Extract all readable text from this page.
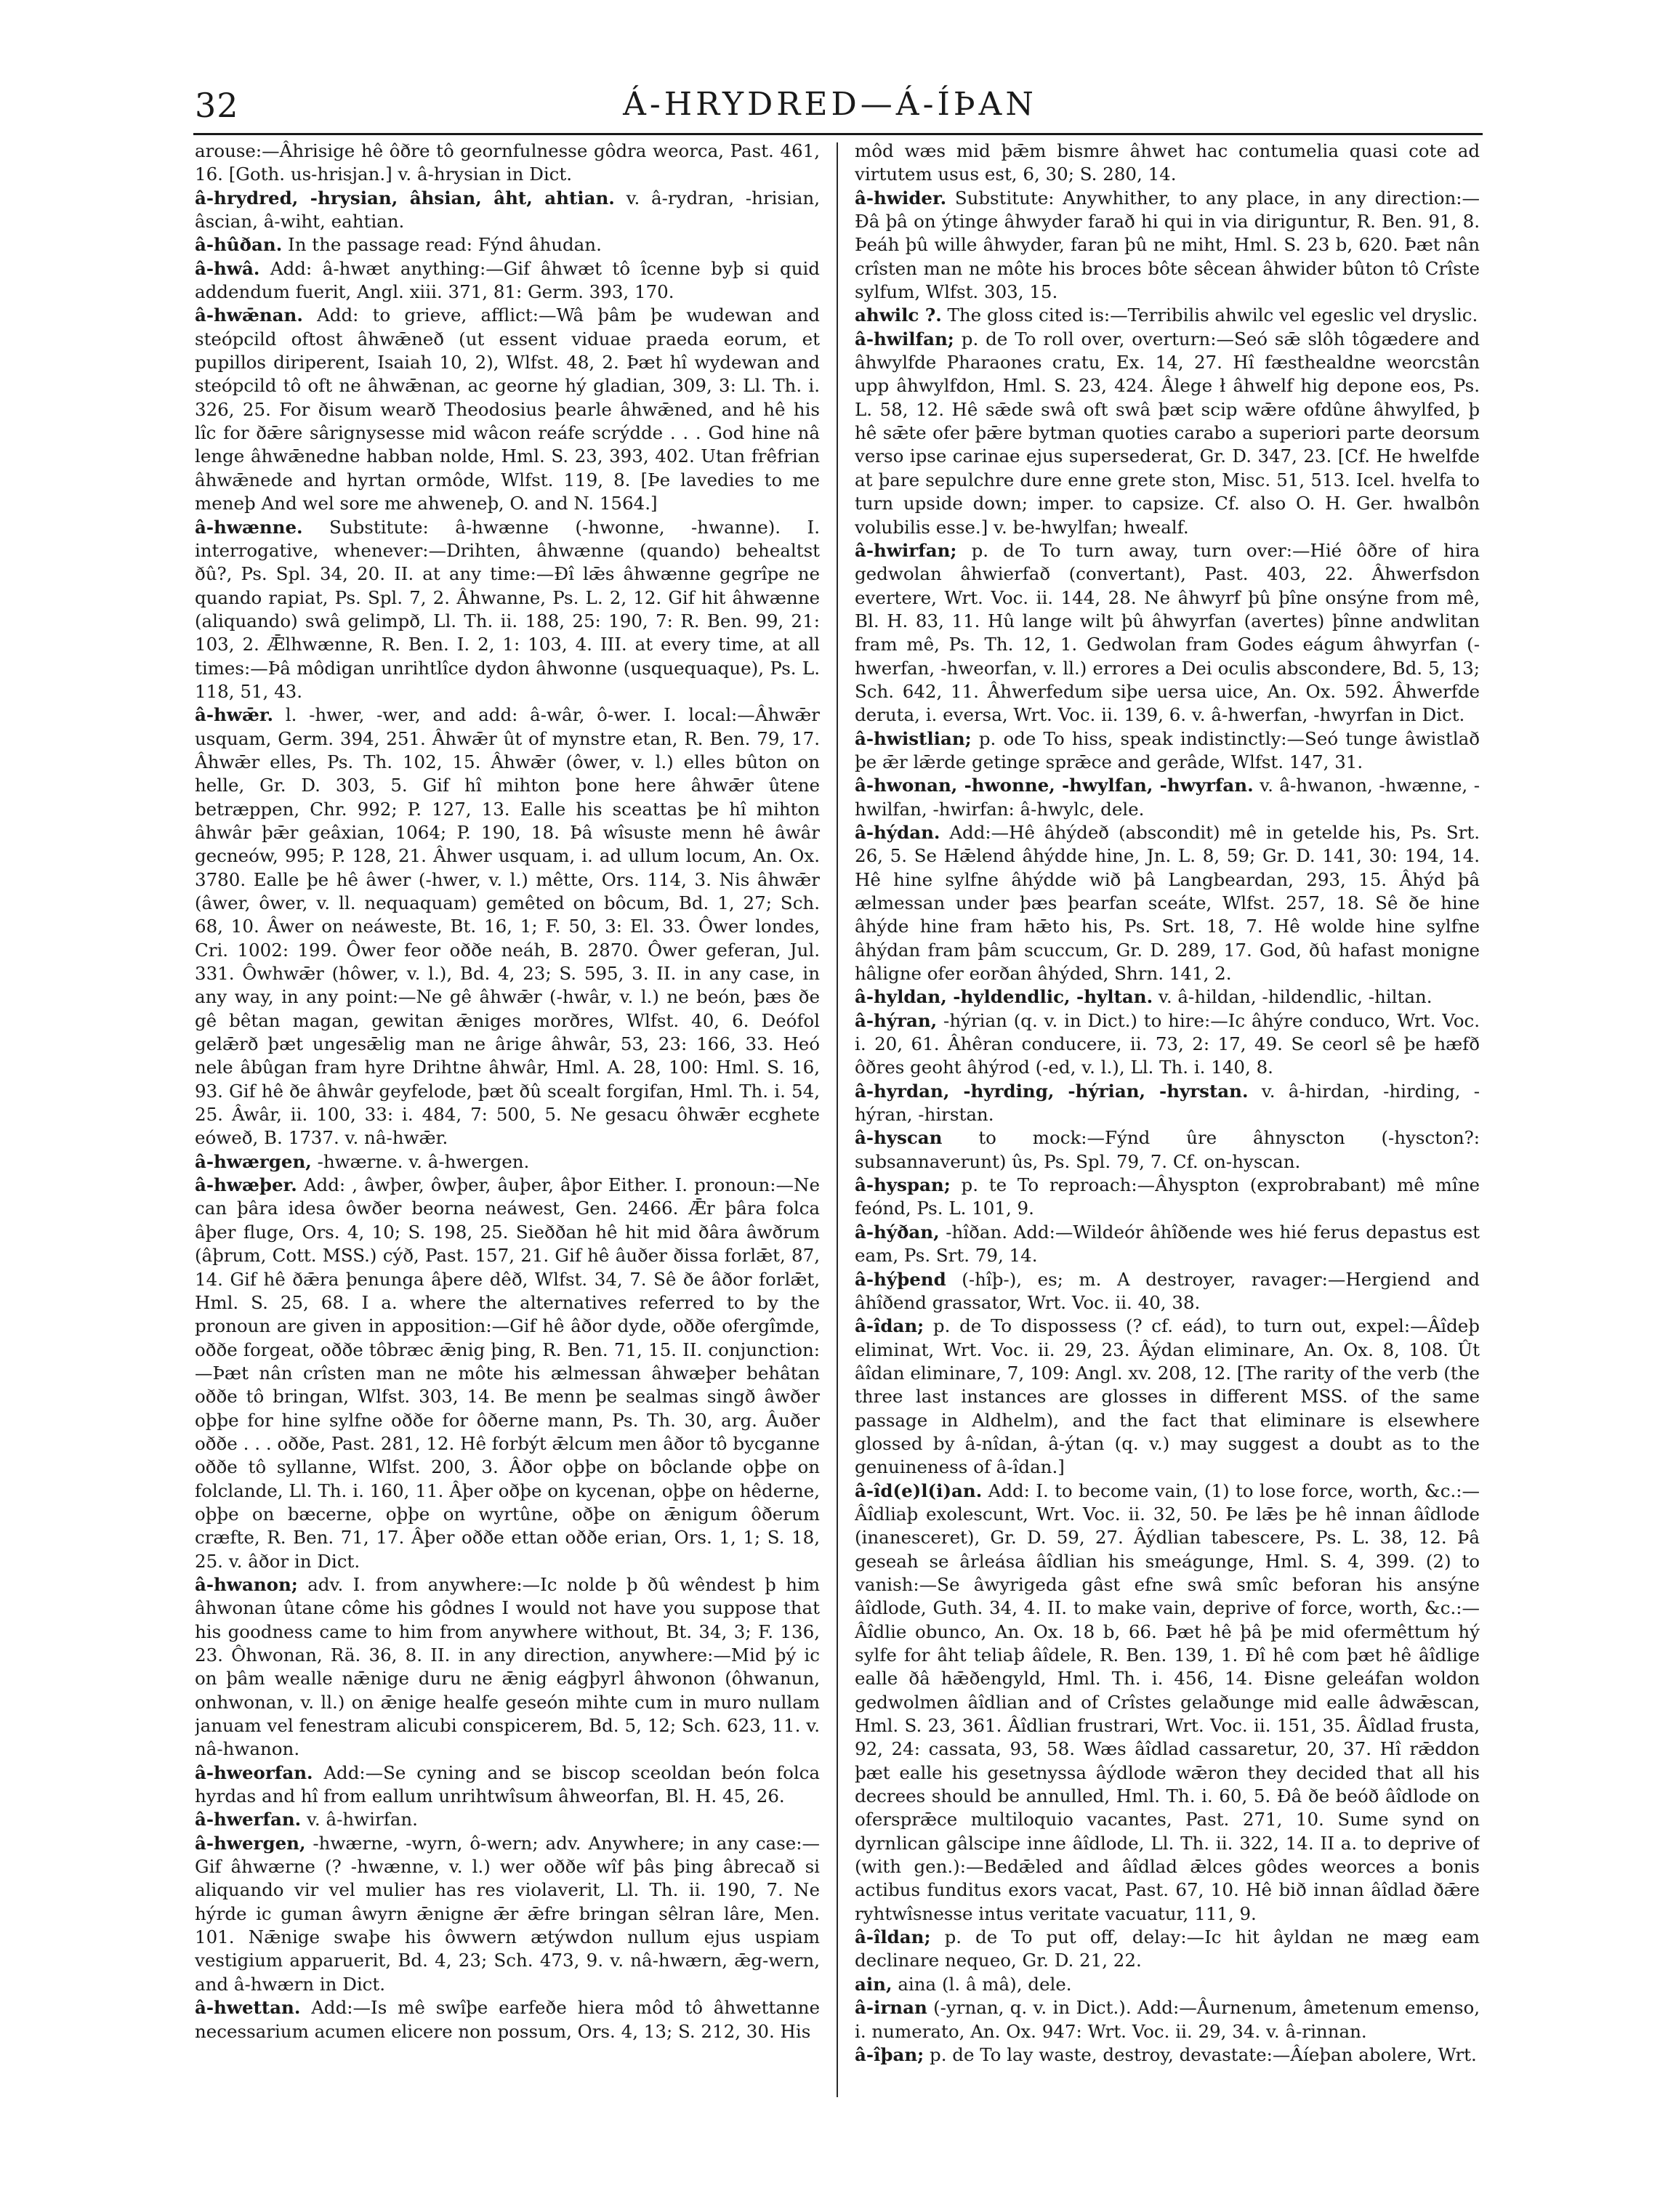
32	Á-HRYDRED—Á-ÍÞAN

arouse:—Âhrisige hê ôðre tô geornfulnesse gôdra weorca, Past. 461, 16. [Goth. us-hrisjan.] v. â-hrysian in Dict.

â-hrydred, -hrysian, âhsian, âht, ahtian. v. â-rydran, -hrisian, âscian, â-wiht, eahtian.

â-hûðan. In the passage read: Fýnd âhudan.

â-hwâ. Add: â-hwæt anything:—Gif âhwæt tô îcenne byþ si quid addendum fuerit, Angl. xiii. 371, 81: Germ. 393, 170.

â-hwǣnan. Add: to grieve, afflict:—Wâ þâm þe wudewan and steópcild oftost âhwǣneð (ut essent viduae praeda eorum, et pupillos diriperent, Isaiah 10, 2), Wlfst. 48, 2. Þæt hî wydewan and steópcild tô oft ne âhwǣnan, ac georne hý gladian, 309, 3: Ll. Th. i. 326, 25. For ðisum wearð Theodosius þearle âhwǣned, and hê his lîc for ðǣre sârignysesse mid wâcon reáfe scrýdde . . . God hine nâ lenge âhwǣnedne habban nolde, Hml. S. 23, 393, 402. Utan frêfrian âhwǣnede and hyrtan ormôde, Wlfst. 119, 8. [Þe lavedies to me meneþ And wel sore me ahweneþ, O. and N. 1564.]

â-hwænne. Substitute: â-hwænne (-hwonne, -hwanne). I. interrogative, whenever:—Drihten, âhwænne (quando) behealtst ðû?, Ps. Spl. 34, 20. II. at any time:—Ðî lǣs âhwænne gegrîpe ne quando rapiat, Ps. Spl. 7, 2. Âhwanne, Ps. L. 2, 12. Gif hit âhwænne (aliquando) swâ gelimpð, Ll. Th. ii. 188, 25: 190, 7: R. Ben. 99, 21: 103, 2. Ǣlhwænne, R. Ben. I. 2, 1: 103, 4. III. at every time, at all times:—Þâ môdigan unrihtlîce dydon âhwonne (usquequaque), Ps. L. 118, 51, 43.

â-hwǣr. l. -hwer, -wer, and add: â-wâr, ô-wer. I. local:—Âhwǣr usquam, Germ. 394, 251. Âhwǣr ût of mynstre etan, R. Ben. 79, 17. Âhwǣr elles, Ps. Th. 102, 15. Âhwǣr (ôwer, v. l.) elles bûton on helle, Gr. D. 303, 5. Gif hî mihton þone here âhwǣr ûtene betræppen, Chr. 992; P. 127, 13. Ealle his sceattas þe hî mihton âhwâr þǣr geâxian, 1064; P. 190, 18. Þâ wîsuste menn hê âwâr gecneów, 995; P. 128, 21. Âhwer usquam, i. ad ullum locum, An. Ox. 3780. Ealle þe hê âwer (-hwer, v. l.) mêtte, Ors. 114, 3. Nis âhwǣr (âwer, ôwer, v. ll. nequaquam) gemêted on bôcum, Bd. 1, 27; Sch. 68, 10. Âwer on neáweste, Bt. 16, 1; F. 50, 3: El. 33. Ôwer londes, Cri. 1002: 199. Ôwer feor oððe neáh, B. 2870. Ôwer geferan, Jul. 331. Ôwhwǣr (hôwer, v. l.), Bd. 4, 23; S. 595, 3. II. in any case, in any way, in any point:—Ne gê âhwǣr (-hwâr, v. l.) ne beón, þæs ðe gê bêtan magan, gewitan ǣniges morðres, Wlfst. 40, 6. Deófol gelǣrð þæt ungesǣlig man ne ârige âhwâr, 53, 23: 166, 33. Heó nele âbûgan fram hyre Drihtne âhwâr, Hml. A. 28, 100: Hml. S. 16, 93. Gif hê ðe âhwâr geyfelode, þæt ðû scealt forgifan, Hml. Th. i. 54, 25. Âwâr, ii. 100, 33: i. 484, 7: 500, 5. Ne gesacu ôhwǣr ecghete eóweð, B. 1737. v. nâ-hwǣr.

â-hwærgen, -hwærne. v. â-hwergen.

â-hwæþer. Add: , âwþer, ôwþer, âuþer, âþor Either. I. pronoun:—Ne can þâra idesa ôwðer beorna neáwest, Gen. 2466. Ǣr þâra folca âþer fluge, Ors. 4, 10; S. 198, 25. Sieððan hê hit mid ðâra âwðrum (âþrum, Cott. MSS.) cýð, Past. 157, 21. Gif hê âuðer ðissa forlǣt, 87, 14. Gif hê ðǣra þenunga âþere dêð, Wlfst. 34, 7. Sê ðe âðor forlǣt, Hml. S. 25, 68. I a. where the alternatives referred to by the pronoun are given in apposition:—Gif hê âðor dyde, oððe ofergîmde, oððe forgeat, oððe tôbræc ǣnig þing, R. Ben. 71, 15. II. conjunction:—Þæt nân crîsten man ne môte his ælmessan âhwæþer behâtan oððe tô bringan, Wlfst. 303, 14. Be menn þe sealmas singð âwðer oþþe for hine sylfne oððe for ôðerne mann, Ps. Th. 30, arg. Âuðer oððe . . . oððe, Past. 281, 12. Hê forbýt ǣlcum men âðor tô bycganne oððe tô syllanne, Wlfst. 200, 3. Âðor oþþe on bôclande oþþe on folclande, Ll. Th. i. 160, 11. Âþer oðþe on kycenan, oþþe on hêderne, oþþe on bæcerne, oþþe on wyrtûne, oðþe on ǣnigum ôðerum cræfte, R. Ben. 71, 17. Âþer oððe ettan oððe erian, Ors. 1, 1; S. 18, 25. v. âðor in Dict.

â-hwanon; adv. I. from anywhere:—Ic nolde þ ðû wêndest þ him âhwonan ûtane côme his gôdnes I would not have you suppose that his goodness came to him from anywhere without, Bt. 34, 3; F. 136, 23. Ôhwonan, Rä. 36, 8. II. in any direction, anywhere:—Mid þý ic on þâm wealle nǣnige duru ne ǣnig eágþyrl âhwonon (ôhwanun, onhwonan, v. ll.) on ǣnige healfe geseón mihte cum in muro nullam januam vel fenestram alicubi conspicerem, Bd. 5, 12; Sch. 623, 11. v. nâ-hwanon.

â-hweorfan. Add:—Se cyning and se biscop sceoldan beón folca hyrdas and hî from eallum unrihtwîsum âhweorfan, Bl. H. 45, 26.

â-hwerfan. v. â-hwirfan.

â-hwergen, -hwærne, -wyrn, ô-wern; adv. Anywhere; in any case:—Gif âhwærne (? -hwænne, v. l.) wer oððe wîf þâs þing âbrecað si aliquando vir vel mulier has res violaverit, Ll. Th. ii. 190, 7. Ne hýrde ic guman âwyrn ǣnigne ǣr ǣfre bringan sêlran lâre, Men. 101. Nǣnige swaþe his ôwwern ætýwdon nullum ejus uspiam vestigium apparuerit, Bd. 4, 23; Sch. 473, 9. v. nâ-hwærn, ǣg-wern, and â-hwærn in Dict.

â-hwettan. Add:—Is mê swîþe earfeðe hiera môd tô âhwettanne necessarium acumen elicere non possum, Ors. 4, 13; S. 212, 30. His

môd wæs mid þǣm bismre âhwet hac contumelia quasi cote ad virtutem usus est, 6, 30; S. 280, 14.

â-hwider. Substitute: Anywhither, to any place, in any direction:—Ðâ þâ on ýtinge âhwyder farað hi qui in via diriguntur, R. Ben. 91, 8. Þeáh þû wille âhwyder, faran þû ne miht, Hml. S. 23 b, 620. Þæt nân crîsten man ne môte his broces bôte sêcean âhwider bûton tô Crîste sylfum, Wlfst. 303, 15.

ahwilc ?. The gloss cited is:—Terribilis ahwilc vel egeslic vel dryslic.

â-hwilfan; p. de To roll over, overturn:—Seó sǣ slôh tôgædere and âhwylfde Pharaones cratu, Ex. 14, 27. Hî fæsthealdne weorcstân upp âhwylfdon, Hml. S. 23, 424. Âlege ł âhwelf hig depone eos, Ps. L. 58, 12. Hê sǣde swâ oft swâ þæt scip wǣre ofdûne âhwylfed, þ hê sǣte ofer þǣre bytman quoties carabo a superiori parte deorsum verso ipse carinae ejus supersederat, Gr. D. 347, 23. [Cf. He hwelfde at þare sepulchre dure enne grete ston, Misc. 51, 513. Icel. hvelfa to turn upside down; imper. to capsize. Cf. also O. H. Ger. hwalbôn volubilis esse.] v. be-hwylfan; hwealf.

â-hwirfan; p. de To turn away, turn over:—Hié ôðre of hira gedwolan âhwierfað (convertant), Past. 403, 22. Âhwerfsdon evertere, Wrt. Voc. ii. 144, 28. Ne âhwyrf þû þîne onsýne from mê, Bl. H. 83, 11. Hû lange wilt þû âhwyrfan (avertes) þînne andwlitan fram mê, Ps. Th. 12, 1. Gedwolan fram Godes eágum âhwyrfan (-hwerfan, -hweorfan, v. ll.) errores a Dei oculis abscondere, Bd. 5, 13; Sch. 642, 11. Âhwerfedum siþe uersa uice, An. Ox. 592. Âhwerfde deruta, i. eversa, Wrt. Voc. ii. 139, 6. v. â-hwerfan, -hwyrfan in Dict.

â-hwistlian; p. ode To hiss, speak indistinctly:—Seó tunge âwistlað þe ǣr lǣrde getinge sprǣce and gerâde, Wlfst. 147, 31.

â-hwonan, -hwonne, -hwylfan, -hwyrfan. v. â-hwanon, -hwænne, -hwilfan, -hwirfan: â-hwylc, dele.

â-hýdan. Add:—Hê âhýdeð (abscondit) mê in getelde his, Ps. Srt. 26, 5. Se Hǣlend âhýdde hine, Jn. L. 8, 59; Gr. D. 141, 30: 194, 14. Hê hine sylfne âhýdde wið þâ Langbeardan, 293, 15. Âhýd þâ ælmessan under þæs þearfan sceáte, Wlfst. 257, 18. Sê ðe hine âhýde hine fram hǣto his, Ps. Srt. 18, 7. Hê wolde hine sylfne âhýdan fram þâm scuccum, Gr. D. 289, 17. God, ðû hafast monigne hâligne ofer eorðan âhýded, Shrn. 141, 2.

â-hyldan, -hyldendlic, -hyltan. v. â-hildan, -hildendlic, -hiltan.

â-hýran, -hýrian (q. v. in Dict.) to hire:—Ic âhýre conduco, Wrt. Voc. i. 20, 61. Âhêran conducere, ii. 73, 2: 17, 49. Se ceorl sê þe hæfð ôðres geoht âhýrod (-ed, v. l.), Ll. Th. i. 140, 8.

â-hyrdan, -hyrding, -hýrian, -hyrstan. v. â-hirdan, -hirding, -hýran, -hirstan.

â-hyscan to mock:—Fýnd ûre âhnyscton (-hyscton?: subsannaverunt) ûs, Ps. Spl. 79, 7. Cf. on-hyscan.

â-hyspan; p. te To reproach:—Âhyspton (exprobrabant) mê mîne feónd, Ps. L. 101, 9.

â-hýðan, -hîðan. Add:—Wildeór âhîðende wes hié ferus depastus est eam, Ps. Srt. 79, 14.

â-hýþend (-hîþ-), es; m. A destroyer, ravager:—Hergiend and âhîðend grassator, Wrt. Voc. ii. 40, 38.

â-îdan; p. de To dispossess (? cf. eád), to turn out, expel:—Âîdeþ eliminat, Wrt. Voc. ii. 29, 23. Âýdan eliminare, An. Ox. 8, 108. Ût âîdan eliminare, 7, 109: Angl. xv. 208, 12. [The rarity of the verb (the three last instances are glosses in different MSS. of the same passage in Aldhelm), and the fact that eliminare is elsewhere glossed by â-nîdan, â-ýtan (q. v.) may suggest a doubt as to the genuineness of â-îdan.]

â-îd(e)l(i)an. Add: I. to become vain, (1) to lose force, worth, &c.:—Âîdliaþ exolescunt, Wrt. Voc. ii. 32, 50. Þe lǣs þe hê innan âîdlode (inanesceret), Gr. D. 59, 27. Âýdlian tabescere, Ps. L. 38, 12. Þâ geseah se ârleása âîdlian his smeágunge, Hml. S. 4, 399. (2) to vanish:—Se âwyrigeda gâst efne swâ smîc beforan his ansýne âîdlode, Guth. 34, 4. II. to make vain, deprive of force, worth, &c.:—Âîdlie obunco, An. Ox. 18 b, 66. Þæt hê þâ þe mid ofermêttum hý sylfe for âht teliaþ âîdele, R. Ben. 139, 1. Ðî hê com þæt hê âîdlige ealle ðâ hǣðengyld, Hml. Th. i. 456, 14. Ðisne geleáfan woldon gedwolmen âîdlian and of Crîstes gelaðunge mid ealle âdwǣscan, Hml. S. 23, 361. Âîdlian frustrari, Wrt. Voc. ii. 151, 35. Âîdlad frusta, 92, 24: cassata, 93, 58. Wæs âîdlad cassaretur, 20, 37. Hî rǣddon þæt ealle his gesetnyssa âýdlode wǣron they decided that all his decrees should be annulled, Hml. Th. i. 60, 5. Ðâ ðe beóð âîdlode on ofersprǣce multiloquio vacantes, Past. 271, 10. Sume synd on dyrnlican gâlscipe inne âîdlode, Ll. Th. ii. 322, 14. II a. to deprive of (with gen.):—Bedǣled and âîdlad ǣlces gôdes weorces a bonis actibus funditus exors vacat, Past. 67, 10. Hê bið innan âîdlad ðǣre ryhtwîsnesse intus veritate vacuatur, 111, 9.

â-îldan; p. de To put off, delay:—Ic hit âyldan ne mæg eam declinare nequeo, Gr. D. 21, 22.

ain, aina (l. â mâ), dele.

â-irnan (-yrnan, q. v. in Dict.). Add:—Âurnenum, âmetenum emenso, i. numerato, An. Ox. 947: Wrt. Voc. ii. 29, 34. v. â-rinnan.

â-îþan; p. de To lay waste, destroy, devastate:—Âíeþan abolere, Wrt.
